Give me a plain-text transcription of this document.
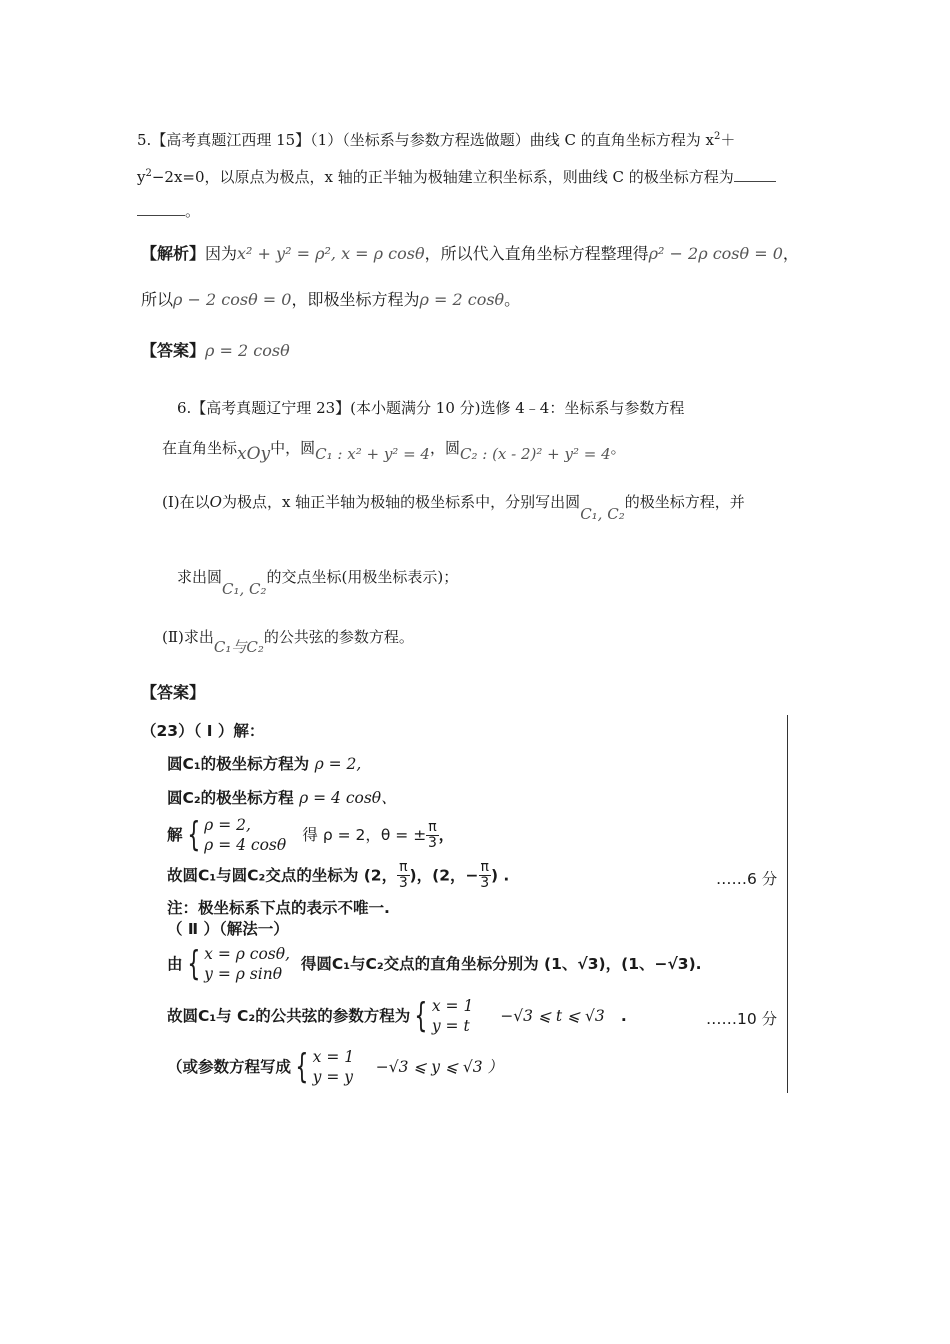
5.【高考真题江西理 15】（1）（坐标系与参数方程选做题）曲线 C 的直角坐标方程为 $x^2+$
$y^2-2x=0$，以原点为极点，x 轴的正半轴为极轴建立积坐标系，则曲线 C 的极坐标方程为
。
【解析】因为x² + y² = ρ², x = ρ cosθ，所以代入直角坐标方程整理得ρ² − 2ρ cosθ = 0，
所以ρ − 2 cosθ = 0，即极坐标方程为ρ = 2 cosθ。
【答案】ρ = 2 cosθ
6.【高考真题辽宁理 23】(本小题满分 10 分)选修 4﹣4：坐标系与参数方程
在直角坐标xOy中，圆C₁ : x² + y² = 4，圆C₂ : (x - 2)² + y² = 4。
(Ⅰ)在以O为极点，x 轴正半轴为极轴的极坐标系中，分别写出圆C₁, C₂的极坐标方程，并
求出圆C₁, C₂的交点坐标(用极坐标表示)；
(Ⅱ)求出C₁与C₂的公共弦的参数方程。
【答案】
（23）（ Ⅰ ）解：
圆C₁的极坐标方程为 ρ = 2,
圆C₂的极坐标方程 ρ = 4 cosθ、
解 { ρ = 2,
ρ = 4 cosθ
得 ρ = 2，θ = ± $\frac{\pi}{3}$ ，
故圆C₁与圆C₂交点的坐标为 (2， $\frac{\pi}{3}$ )，(2，− $\frac{\pi}{3}$ ) .	……6 分
注：极坐标系下点的表示不唯一.
（ Ⅱ ）（解法一）
由 { x = ρ cosθ,
y = ρ sinθ
得圆C₁与C₂交点的直角坐标分别为 (1、√3)，(1、−√3).
故圆C₁与 C₂的公共弦的参数方程为 { x = 1
y = t
−√3 ⩽ t ⩽ √3 .	……10 分
（或参数方程写成 { x = 1
y = y
−√3 ⩽ y ⩽ √3 ）
